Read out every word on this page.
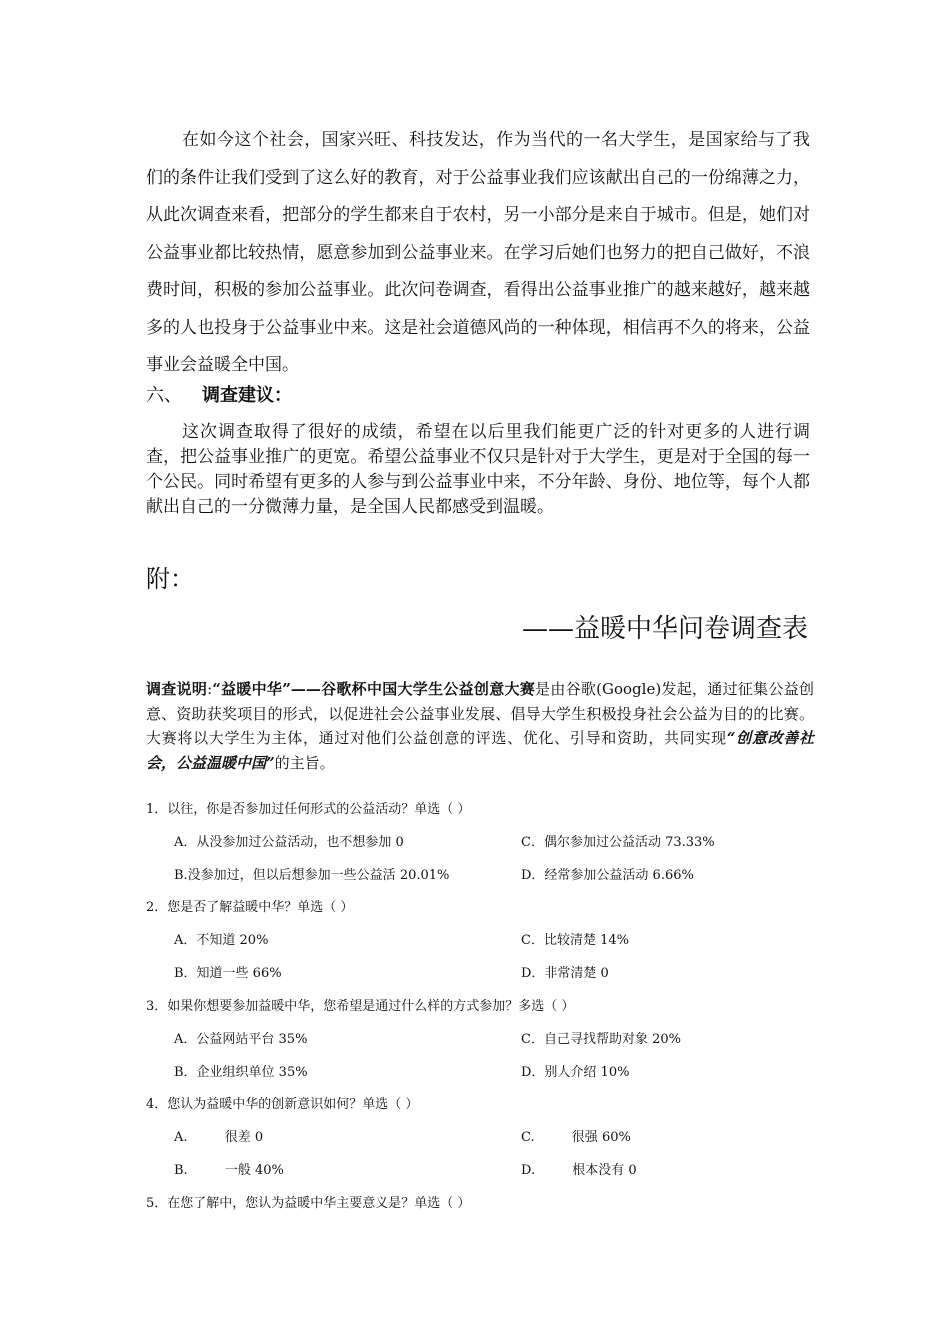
在如今这个社会，国家兴旺、科技发达，作为当代的一名大学生，是国家给与了我们的条件让我们受到了这么好的教育，对于公益事业我们应该献出自己的一份绵薄之力，从此次调查来看，把部分的学生都来自于农村，另一小部分是来自于城市。但是，她们对公益事业都比较热情，愿意参加到公益事业来。在学习后她们也努力的把自己做好，不浪费时间，积极的参加公益事业。此次问卷调查，看得出公益事业推广的越来越好，越来越多的人也投身于公益事业中来。这是社会道德风尚的一种体现，相信再不久的将来，公益事业会益暖全中国。

六、 调查建议：

这次调查取得了很好的成绩，希望在以后里我们能更广泛的针对更多的人进行调查，把公益事业推广的更宽。希望公益事业不仅只是针对于大学生，更是对于全国的每一个公民。同时希望有更多的人参与到公益事业中来，不分年龄、身份、地位等，每个人都献出自己的一分微薄力量，是全国人民都感受到温暖。

附：

——益暖中华问卷调查表

调查说明:“益暖中华”——谷歌杯中国大学生公益创意大赛是由谷歌(Google)发起，通过征集公益创意、资助获奖项目的形式，以促进社会公益事业发展、倡导大学生积极投身社会公益为目的的比赛。大赛将以大学生为主体，通过对他们公益创意的评选、优化、引导和资助，共同实现“创意改善社会，公益温暖中国”的主旨。

1．以往，你是否参加过任何形式的公益活动？单选（ ）

A．从没参加过公益活动，也不想参加 0	C．偶尔参加过公益活动 73.33%

B.没参加过，但以后想参加一些公益活 20.01%	D．经常参加公益活动 6.66%

2．您是否了解益暖中华？单选（ ）

A．不知道 20%	C．比较清楚 14%

B．知道一些 66%	D．非常清楚 0

3．如果你想要参加益暖中华，您希望是通过什么样的方式参加？多选（ ）

A．公益网站平台 35%	C．自己寻找帮助对象 20%

B．企业组织单位 35%	D．别人介绍 10%

4．您认为益暖中华的创新意识如何？单选（ ）

A.         很差 0	C.         很强 60%

B.         一般 40%	D.         根本没有 0

5．在您了解中，您认为益暖中华主要意义是？单选（ ）
